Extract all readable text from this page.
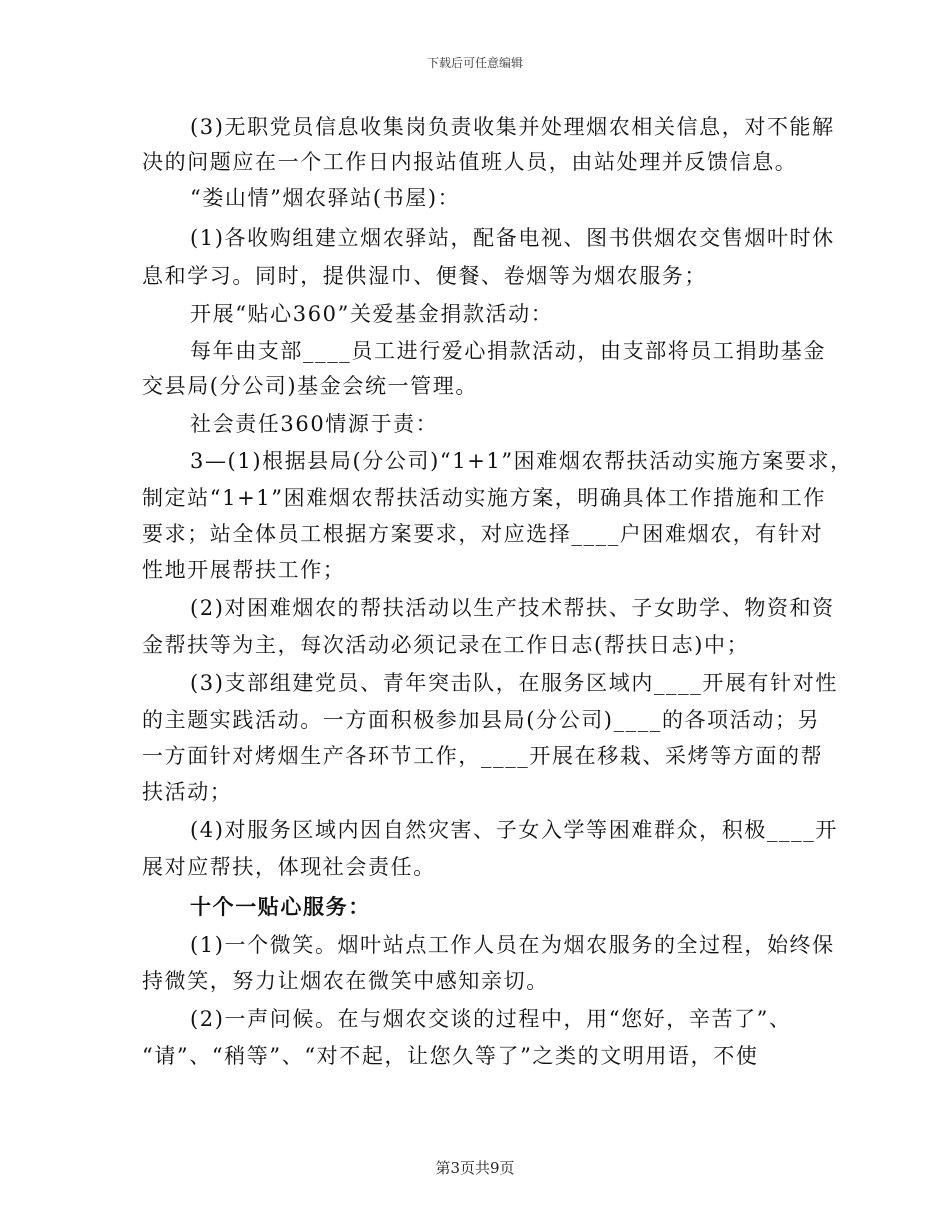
下载后可任意编辑
(3)无职党员信息收集岗负责收集并处理烟农相关信息，对不能解
决的问题应在一个工作日内报站值班人员，由站处理并反馈信息。
“娄山情”烟农驿站(书屋)：
(1)各收购组建立烟农驿站，配备电视、图书供烟农交售烟叶时休
息和学习。同时，提供湿巾、便餐、卷烟等为烟农服务；
开展“贴心360”关爱基金捐款活动：
每年由支部____员工进行爱心捐款活动，由支部将员工捐助基金
交县局(分公司)基金会统一管理。
社会责任360情源于责：
3—(1)根据县局(分公司)“1+1”困难烟农帮扶活动实施方案要求，
制定站“1+1”困难烟农帮扶活动实施方案，明确具体工作措施和工作
要求；站全体员工根据方案要求，对应选择____户困难烟农，有针对
性地开展帮扶工作；
(2)对困难烟农的帮扶活动以生产技术帮扶、子女助学、物资和资
金帮扶等为主，每次活动必须记录在工作日志(帮扶日志)中；
(3)支部组建党员、青年突击队，在服务区域内____开展有针对性
的主题实践活动。一方面积极参加县局(分公司)____的各项活动；另
一方面针对烤烟生产各环节工作，____开展在移栽、采烤等方面的帮
扶活动；
(4)对服务区域内因自然灾害、子女入学等困难群众，积极____开
展对应帮扶，体现社会责任。
十个一贴心服务：
(1)一个微笑。烟叶站点工作人员在为烟农服务的全过程，始终保
持微笑，努力让烟农在微笑中感知亲切。
(2)一声问候。在与烟农交谈的过程中，用“您好，辛苦了”、
“请”、“稍等”、“对不起，让您久等了”之类的文明用语，不使
第3页共9页
